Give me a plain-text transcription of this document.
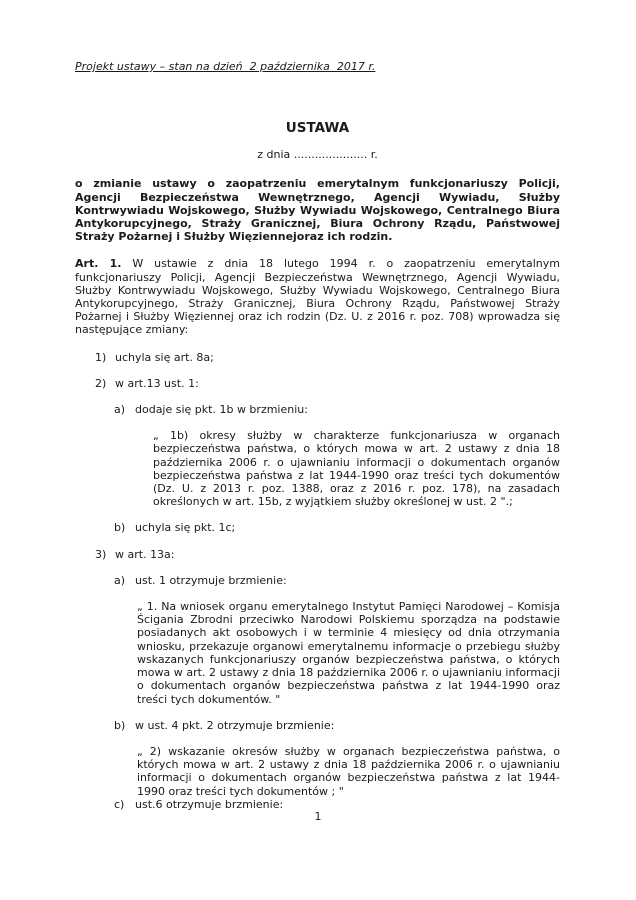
Projekt ustawy – stan na dzień  2 października  2017 r.
USTAWA
z dnia ..................... r.
o zmianie ustawy o zaopatrzeniu emerytalnym funkcjonariuszy Policji, Agencji Bezpieczeństwa Wewnętrznego, Agencji Wywiadu, Służby Kontrwywiadu Wojskowego, Służby Wywiadu Wojskowego, Centralnego Biura Antykorupcyjnego, Straży Granicznej, Biura Ochrony Rządu, Państwowej Straży Pożarnej i Służby Więziennejoraz ich rodzin.
Art. 1. W ustawie z dnia 18 lutego 1994 r. o zaopatrzeniu emerytalnym funkcjonariuszy Policji, Agencji Bezpieczeństwa Wewnętrznego, Agencji Wywiadu, Służby Kontrwywiadu Wojskowego, Służby Wywiadu Wojskowego, Centralnego Biura Antykorupcyjnego, Straży Granicznej, Biura Ochrony Rządu, Państwowej Straży Pożarnej i Służby Więziennej oraz ich rodzin (Dz. U. z 2016 r. poz. 708) wprowadza się następujące zmiany:
1) uchyla się art. 8a;
2) w art.13 ust. 1:
a) dodaje się pkt. 1b w brzmieniu:
„ 1b) okresy służby w charakterze funkcjonariusza w organach bezpieczeństwa państwa, o których mowa w art. 2 ustawy z dnia 18 października 2006 r. o ujawnianiu informacji o dokumentach organów bezpieczeństwa państwa z lat 1944-1990 oraz treści tych dokumentów (Dz. U. z 2013 r. poz. 1388, oraz z 2016 r. poz. 178), na zasadach określonych w art. 15b, z wyjątkiem służby określonej w ust. 2 ".;
b) uchyla się pkt. 1c;
3) w art. 13a:
a) ust. 1 otrzymuje brzmienie:
„ 1. Na wniosek organu emerytalnego Instytut Pamięci Narodowej – Komisja Ścigania Zbrodni przeciwko Narodowi Polskiemu sporządza na podstawie posiadanych akt osobowych i w terminie 4 miesięcy od dnia otrzymania wniosku, przekazuje organowi emerytalnemu informacje o przebiegu służby wskazanych funkcjonariuszy organów bezpieczeństwa państwa, o których mowa w art. 2 ustawy z dnia 18 października 2006 r. o ujawnianiu informacji o dokumentach organów bezpieczeństwa państwa z lat 1944-1990 oraz treści tych dokumentów. "
b) w ust. 4 pkt. 2 otrzymuje brzmienie:
„ 2) wskazanie okresów służby w organach bezpieczeństwa państwa, o których mowa w art. 2 ustawy z dnia 18 października 2006 r. o ujawnianiu informacji o dokumentach organów bezpieczeństwa państwa z lat 1944-1990 oraz treści tych dokumentów ; "
c) ust.6 otrzymuje brzmienie:
1
